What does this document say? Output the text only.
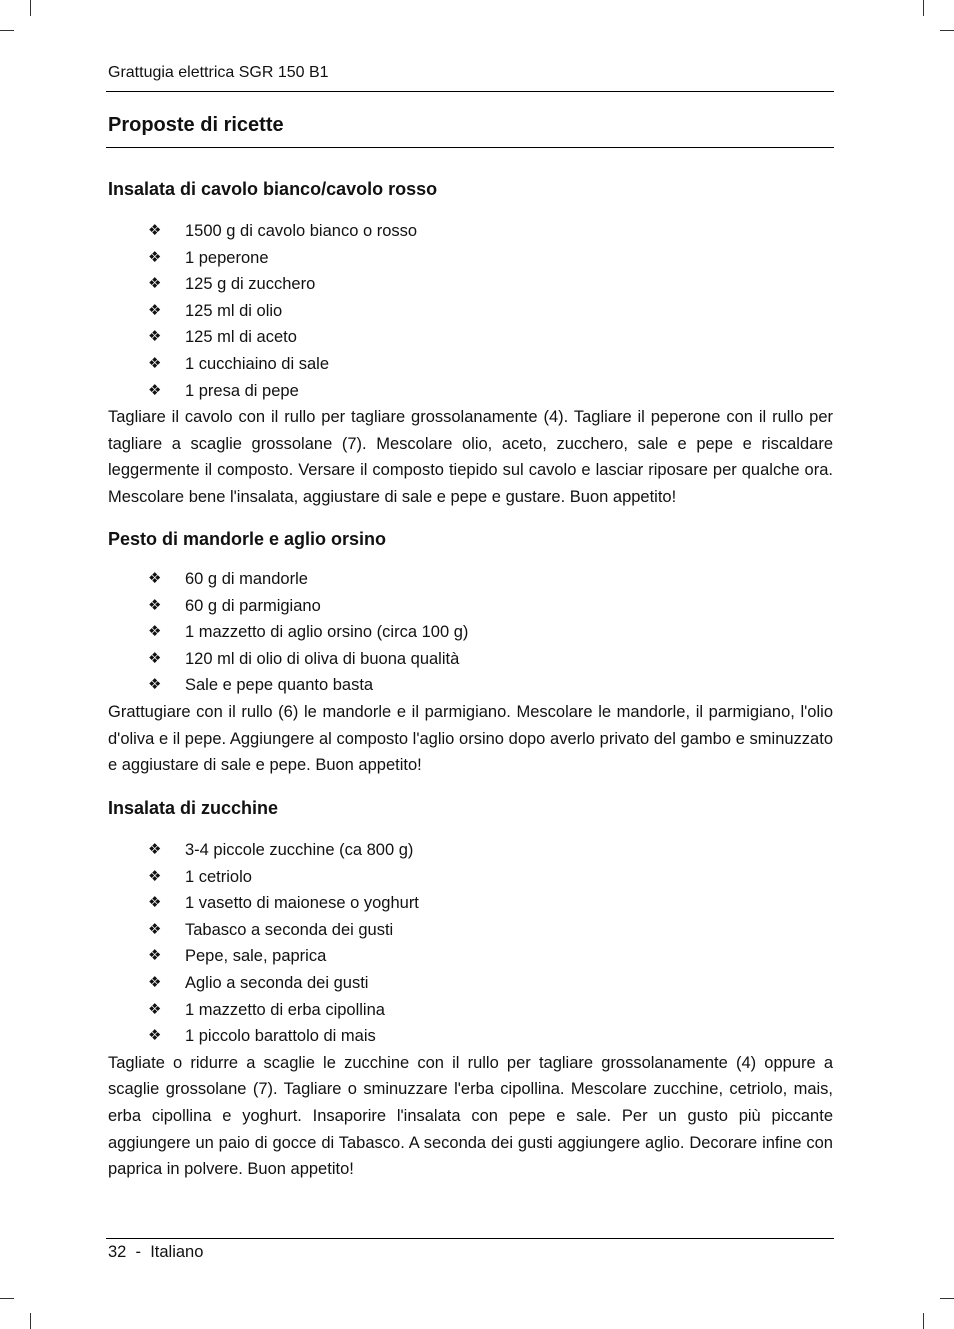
Grattugia elettrica SGR 150 B1
Proposte di ricette
Insalata di cavolo bianco/cavolo rosso
❖ 1500 g di cavolo bianco o rosso
❖ 1 peperone
❖ 125 g di zucchero
❖ 125 ml di olio
❖ 125 ml di aceto
❖ 1 cucchiaino di sale
❖ 1 presa di pepe

Tagliare il cavolo con il rullo per tagliare grossolanamente (4). Tagliare il peperone con il rullo per tagliare a scaglie grossolane (7). Mescolare olio, aceto, zucchero, sale e pepe e riscaldare leggermente il composto. Versare il composto tiepido sul cavolo e lasciar riposare per qualche ora. Mescolare bene l'insalata, aggiustare di sale e pepe e gustare. Buon appetito!

Pesto di mandorle e aglio orsino
❖ 60 g di mandorle
❖ 60 g di parmigiano
❖ 1 mazzetto di aglio orsino (circa 100 g)
❖ 120 ml di olio di oliva di buona qualità
❖ Sale e pepe quanto basta

Grattugiare con il rullo (6) le mandorle e il parmigiano. Mescolare le mandorle, il parmigiano, l'olio d'oliva e il pepe. Aggiungere al composto l'aglio orsino dopo averlo privato del gambo e sminuzzato e aggiustare di sale e pepe. Buon appetito!

Insalata di zucchine
❖ 3-4 piccole zucchine (ca 800 g)
❖ 1 cetriolo
❖ 1 vasetto di maionese o yoghurt
❖ Tabasco a seconda dei gusti
❖ Pepe, sale, paprica
❖ Aglio a seconda dei gusti
❖ 1 mazzetto di erba cipollina
❖ 1 piccolo barattolo di mais

Tagliate o ridurre a scaglie le zucchine con il rullo per tagliare grossolanamente (4) oppure a scaglie grossolane (7). Tagliare o sminuzzare l'erba cipollina. Mescolare zucchine, cetriolo, mais, erba cipollina e yoghurt. Insaporire l'insalata con pepe e sale. Per un gusto più piccante aggiungere un paio di gocce di Tabasco. A seconda dei gusti aggiungere aglio. Decorare infine con paprica in polvere. Buon appetito!

32 - Italiano
